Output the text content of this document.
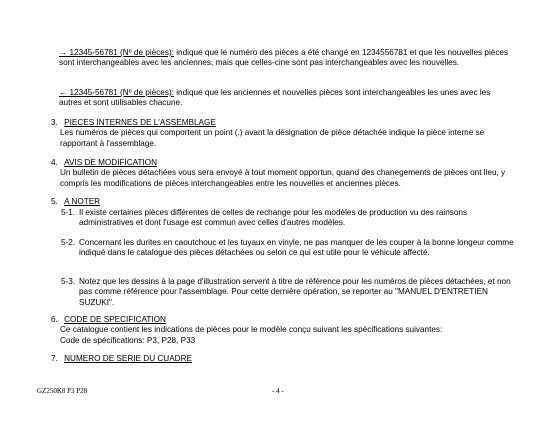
→ 12345-56781 (Nº de pièces): indique que le numéro des pièces a été changé en 1234556781 et que les nouvelles pièces sont interchangeables avec les anciennes, mais que celles-cine sont pas interchangeables avec les nouvelles.
← 12345-56781 (Nº de pièces): indique que les anciennes et nouvelles pièces sont interchangeables les unes avec les autres et sont utilisables chacune.
3. PIECES INTERNES DE L'ASSEMBLAGE
Les numéros de pièces qui comportent un point (.) avant la désignation de pièce détachée indique la pièce interne se rapportant à l'assemblage.
4. AVIS DE MODIFICATION
Un bulletin de pièces détachées vous sera envoyé à tout moment opportun, quand des chanegements de pièces ont lieu, y compris les modifications de pièces interchangeables entre les nouvelles et anciennes pièces.
5. A NOTER
5-1. Il existe certaines pièces différentes de celles de rechange pour les modèles de production vu des rainsons administratives et dont l'usage est commun avec celles d'autres modèles.
5-2. Concernant les durites en caoutchouc et les tuyaux en vinyle, ne pas manquer de les couper à la bonne longeur comme indiqué dans le catalogue des pièces détachées ou selon ce qui est utile pour le véhicule affecté.
5-3. Notez que les dessins à la page d'illustration servent à titre de référence pour les numéros de pièces détachées, et non pas comme référence pour l'assemblage. Pour cette dernière opération, se reporter au "MANUEL D'ENTRETIEN SUZUKI".
6. CODE DE SPECIFICATION
Ce catalogue contient les indications de pièces pour le modèle conçu suivant les spécifications suivantes:
Code de spécifications: P3, P28, P33
7. NUMERO DE SERIE DU CUADRE
GZ250K8 P3 P28	- 4 -
